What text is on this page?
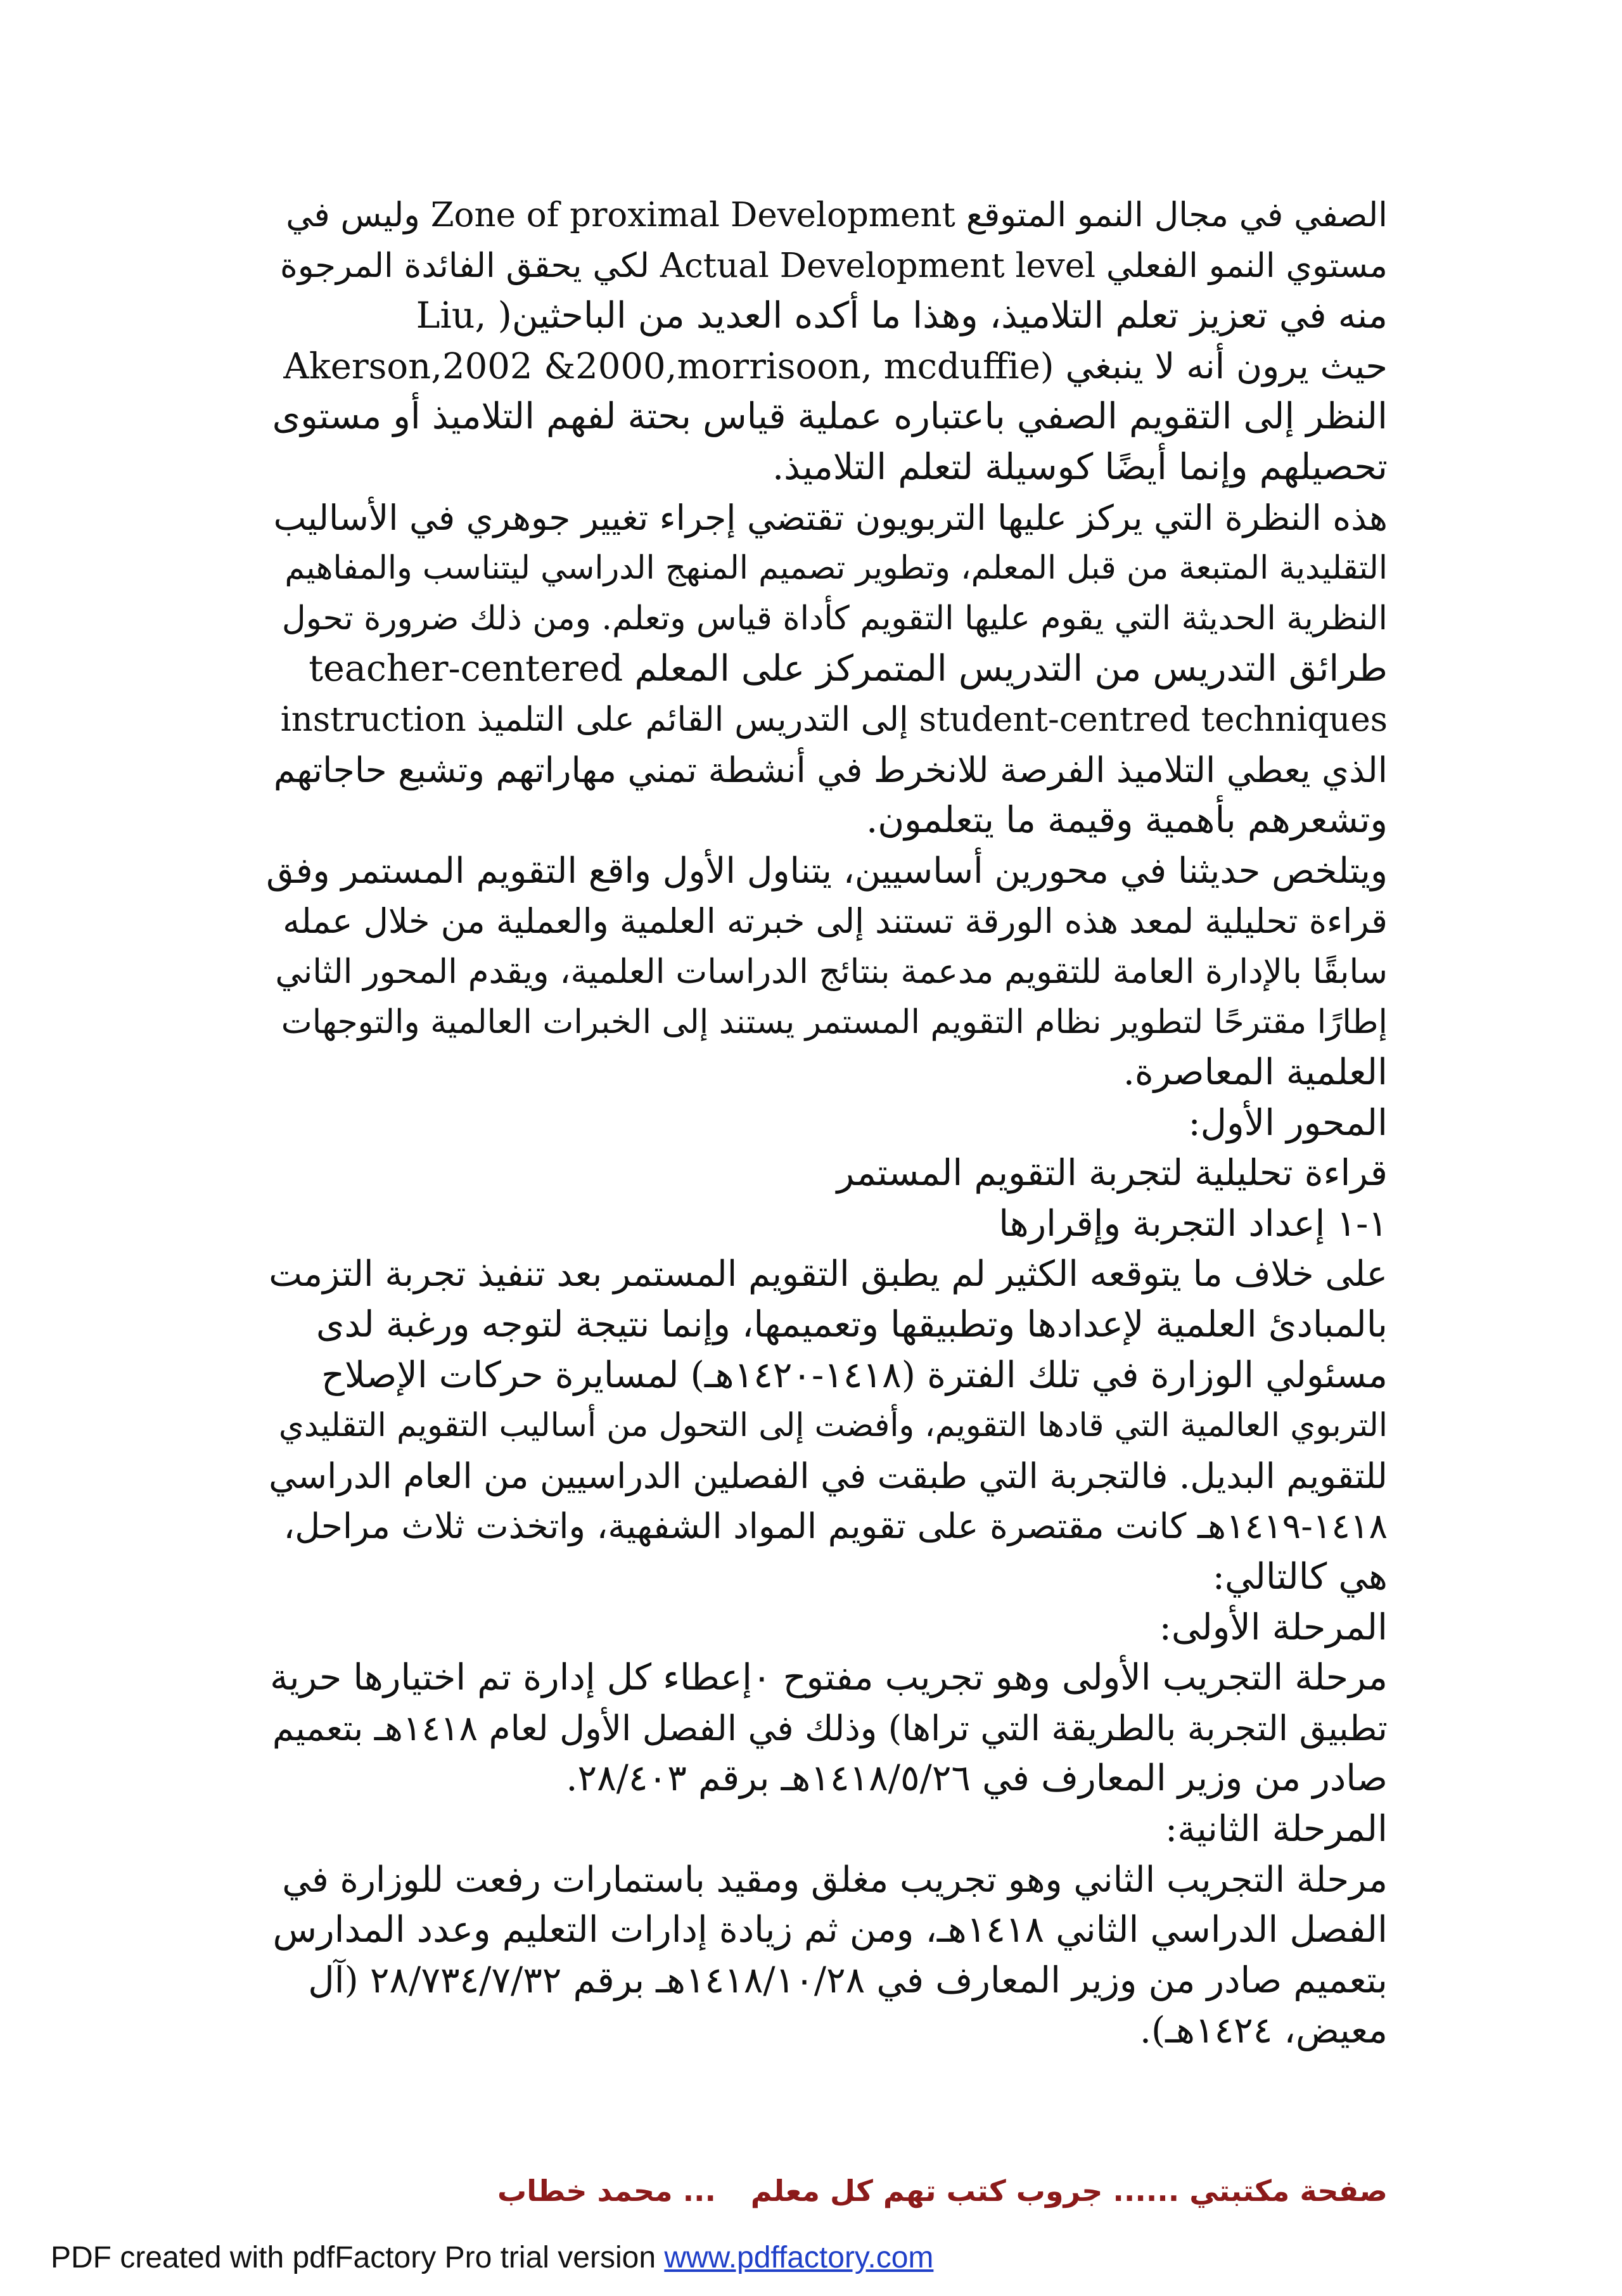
الصفي في مجال النمو المتوقع Zone of proximal Development وليس في
مستوي النمو الفعلي Actual Development level لكي يحقق الفائدة المرجوة
منه في تعزيز تعلم التلاميذ، وهذا ما أكده العديد من الباحثين( ,Liu
Akerson,2002 &2000,morrisoon, mcduffie) حيث يرون أنه لا ينبغي
النظر إلى التقويم الصفي باعتباره عملية قياس بحتة لفهم التلاميذ أو مستوى
تحصيلهم وإنما أيضًا كوسيلة لتعلم التلاميذ.
هذه النظرة التي يركز عليها التربويون تقتضي إجراء تغيير جوهري في الأساليب
التقليدية المتبعة من قبل المعلم، وتطوير تصميم المنهج الدراسي ليتناسب والمفاهيم
النظرية الحديثة التي يقوم عليها التقويم كأداة قياس وتعلم. ومن ذلك ضرورة تحول
طرائق التدريس من التدريس المتمركز على المعلم teacher-centered
instruction إلى التدريس القائم على التلميذ student-centred techniques
الذي يعطي التلاميذ الفرصة للانخرط في أنشطة تمني مهاراتهم وتشبع حاجاتهم
وتشعرهم بأهمية وقيمة ما يتعلمون.
ويتلخص حديثنا في محورين أساسيين، يتناول الأول واقع التقويم المستمر وفق
قراءة تحليلية لمعد هذه الورقة تستند إلى خبرته العلمية والعملية من خلال عمله
سابقًا بالإدارة العامة للتقويم مدعمة بنتائج الدراسات العلمية، ويقدم المحور الثاني
إطارًا مقترحًا لتطوير نظام التقويم المستمر يستند إلى الخبرات العالمية والتوجهات
العلمية المعاصرة.
المحور الأول:
قراءة تحليلية لتجربة التقويم المستمر
١-١ إعداد التجربة وإقرارها
على خلاف ما يتوقعه الكثير لم يطبق التقويم المستمر بعد تنفيذ تجربة التزمت
بالمبادئ العلمية لإعدادها وتطبيقها وتعميمها، وإنما نتيجة لتوجه ورغبة لدى
مسئولي الوزارة في تلك الفترة (١٤١٨-١٤٢٠هـ) لمسايرة حركات الإصلاح
التربوي العالمية التي قادها التقويم، وأفضت إلى التحول من أساليب التقويم التقليدي
للتقويم البديل. فالتجربة التي طبقت في الفصلين الدراسيين من العام الدراسي
١٤١٨-١٤١٩هـ كانت مقتصرة على تقويم المواد الشفهية، واتخذت ثلاث مراحل،
هي كالتالي:
المرحلة الأولى:
مرحلة التجريب الأولى وهو تجريب مفتوح ٠إعطاء كل إدارة تم اختيارها حرية
تطبيق التجربة بالطريقة التي تراها) وذلك في الفصل الأول لعام ١٤١٨هـ بتعميم
صادر من وزير المعارف في ١٤١٨/٥/٢٦هـ برقم ٢٨/٤٠٣.
المرحلة الثانية:
مرحلة التجريب الثاني وهو تجريب مغلق ومقيد باستمارات رفعت للوزارة في
الفصل الدراسي الثاني ١٤١٨هـ، ومن ثم زيادة إدارات التعليم وعدد المدارس
بتعميم صادر من وزير المعارف في ١٤١٨/١٠/٢٨هـ برقم ٢٨/٧٣٤/٧/٣٢ (آل
معيض، ١٤٢٤هـ).
صفحة مكتبتي ...... جروب كتب تهم كل معلم
... محمد خطاب
PDF created with pdfFactory Pro trial version www.pdffactory.com
